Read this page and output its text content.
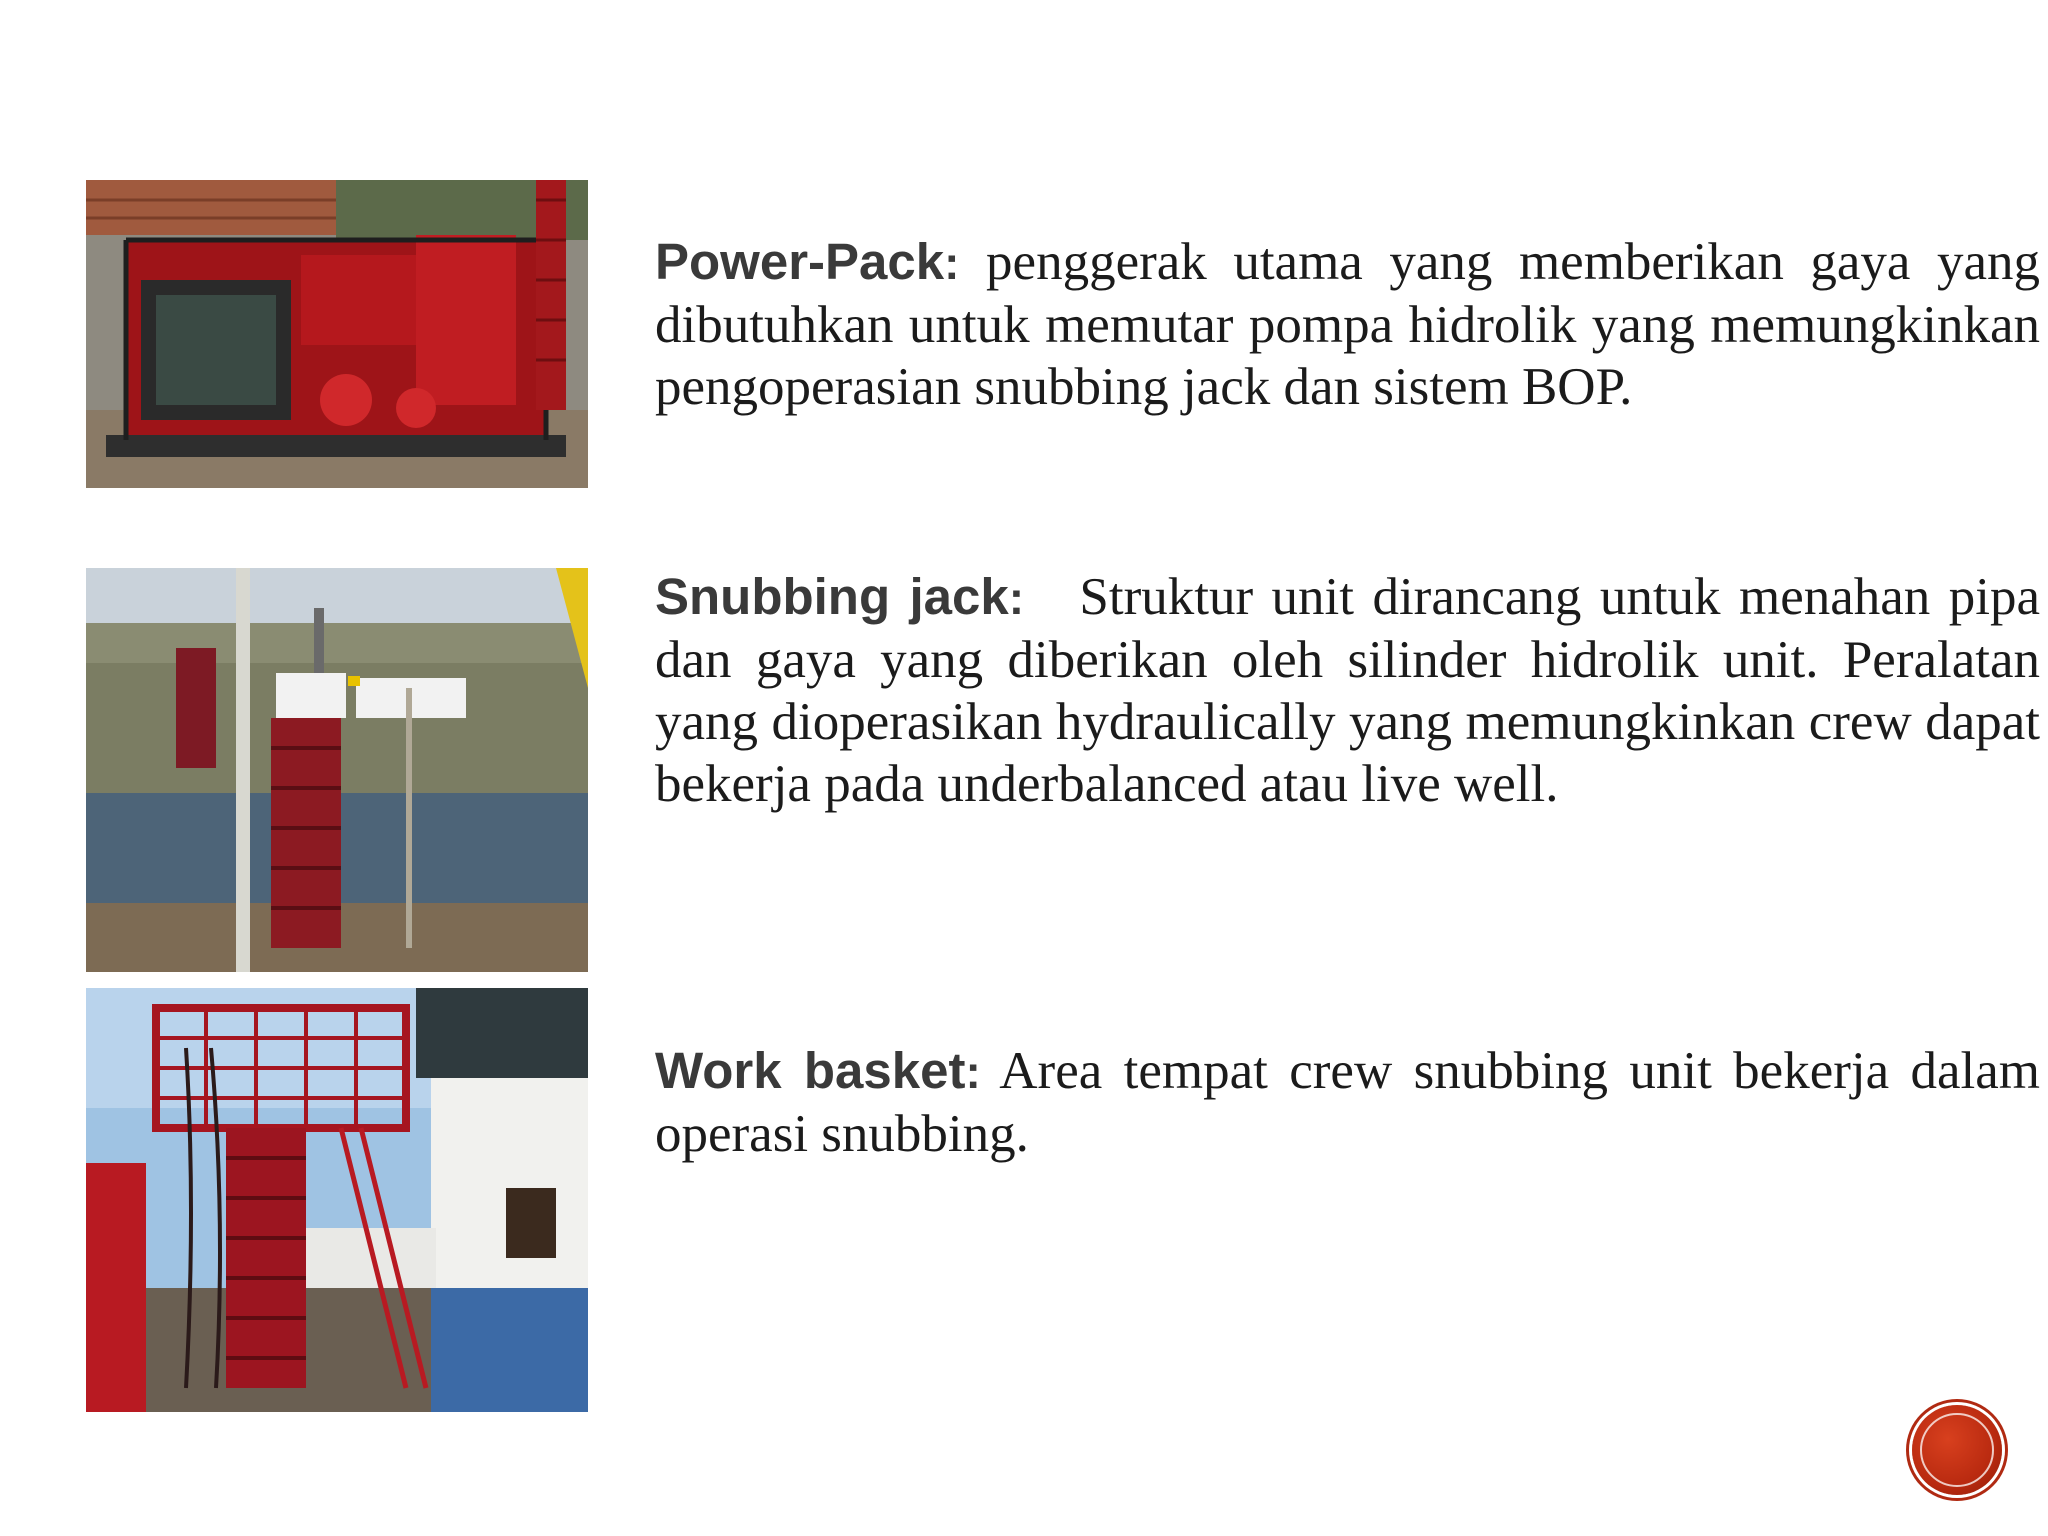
Power-Pack: penggerak utama yang memberikan gaya yang dibutuhkan untuk memutar pompa hidrolik yang memungkinkan pengoperasian snubbing jack dan sistem BOP.

Snubbing jack: Struktur unit dirancang untuk menahan pipa dan gaya yang diberikan oleh silinder hidrolik unit. Peralatan yang dioperasikan hydraulically yang memungkinkan crew dapat bekerja pada underbalanced atau live well.

Work basket: Area tempat crew snubbing unit bekerja dalam operasi snubbing.
